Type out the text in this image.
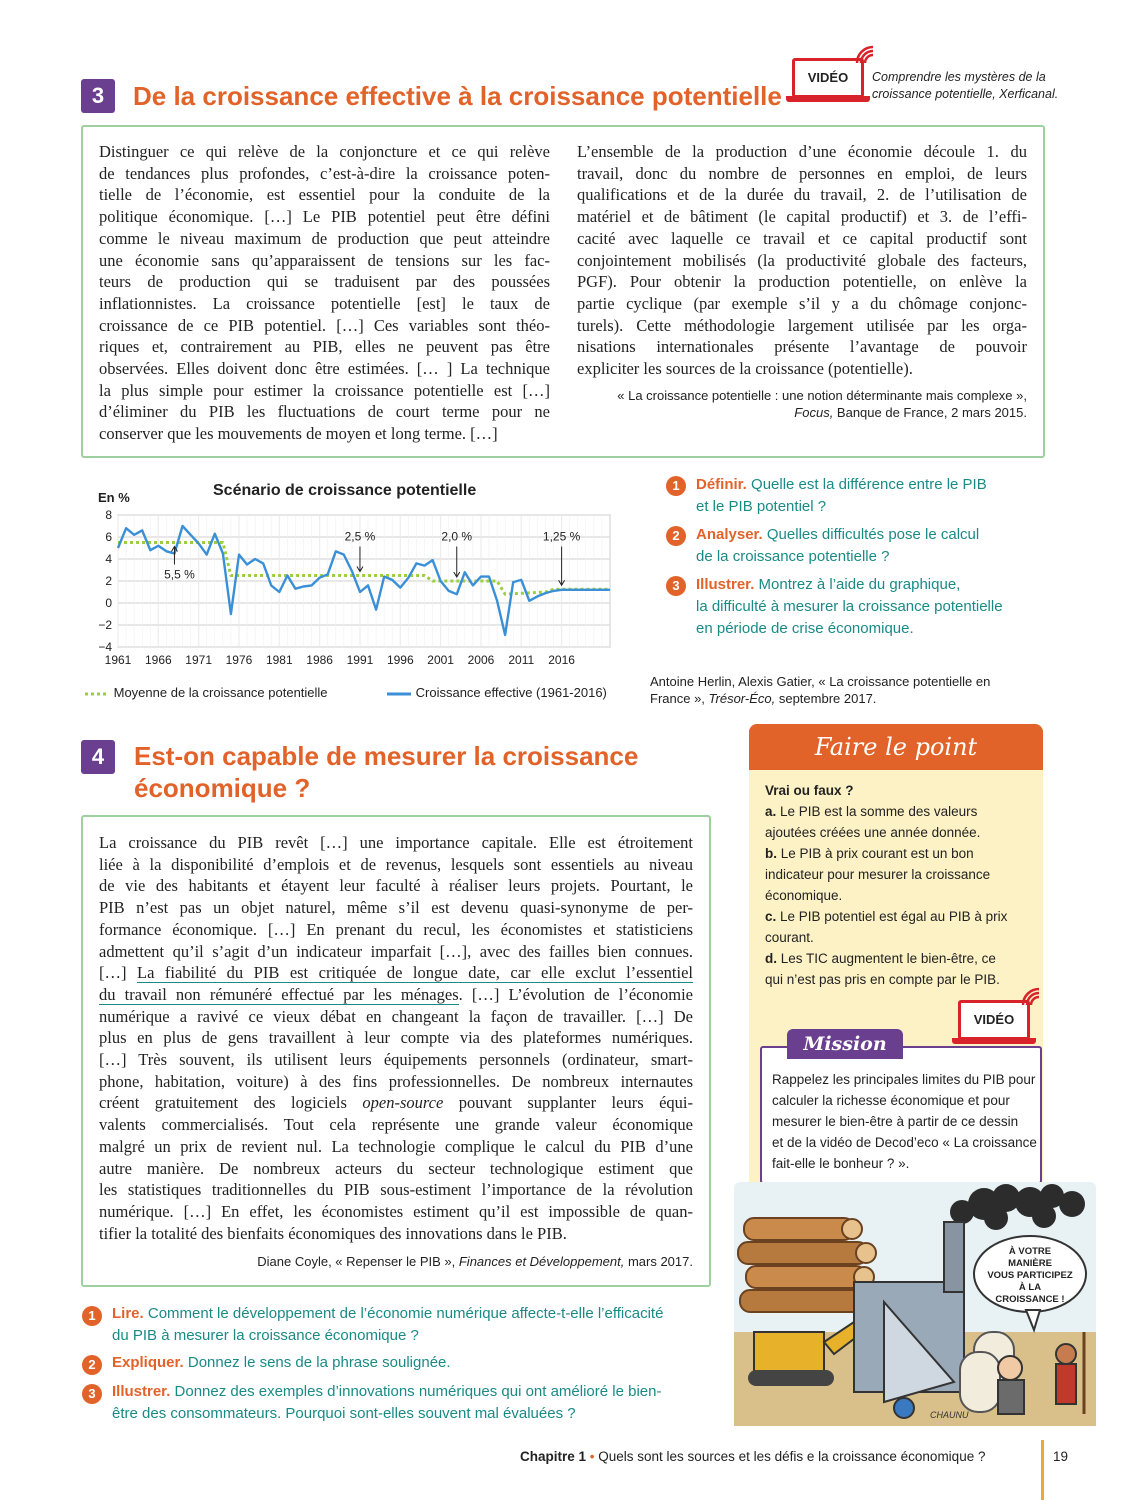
3	De la croissance effective à la croissance potentielle
VIDÉO	Comprendre les mystères de la
croissance potentielle, Xerficanal.
Distinguer ce qui relève de la conjoncture et ce qui relève
de tendances plus profondes, c’est-à-dire la croissance poten-
tielle de l’économie, est essentiel pour la conduite de la
politique économique. […] Le PIB potentiel peut être défini
comme le niveau maximum de production que peut atteindre
une économie sans qu’apparaissent de tensions sur les fac-
teurs de production qui se traduisent par des poussées
inflationnistes. La croissance potentielle [est] le taux de
croissance de ce PIB potentiel. […] Ces variables sont théo-
riques et, contrairement au PIB, elles ne peuvent pas être
observées. Elles doivent donc être estimées. [… ] La technique
la plus simple pour estimer la croissance potentielle est […]
d’éliminer du PIB les fluctuations de court terme pour ne
conserver que les mouvements de moyen et long terme. […]
L’ensemble de la production d’une économie découle 1. du
travail, donc du nombre de personnes en emploi, de leurs
qualifications et de la durée du travail, 2. de l’utilisation de
matériel et de bâtiment (le capital productif) et 3. de l’effi-
cacité avec laquelle ce travail et ce capital productif sont
conjointement mobilisés (la productivité globale des facteurs,
PGF). Pour obtenir la production potentielle, on enlève la
partie cyclique (par exemple s’il y a du chômage conjonc-
turels). Cette méthodologie largement utilisée par les orga-
nisations internationales présente l’avantage de pouvoir
expliciter les sources de la croissance (potentielle).
« La croissance potentielle : une notion déterminante mais complexe »,
Focus, Banque de France, 2 mars 2015.
Scénario de croissance potentielle
En %
8
6
4
2
0
−2
−4
1961 1966 1971 1976 1981 1986 1991 1996 2001 2006 2011 2016
5,5 %
2,5 %	2,0 %	1,25 %
Moyenne de la croissance potentielle	Croissance effective (1961-2016)
1	Définir. Quelle est la différence entre le PIB
et le PIB potentiel ?
2	Analyser. Quelles difficultés pose le calcul
de la croissance potentielle ?
3	Illustrer. Montrez à l’aide du graphique,
la difficulté à mesurer la croissance potentielle
en période de crise économique.
Antoine Herlin, Alexis Gatier, « La croissance potentielle en
France », Trésor-Éco, septembre 2017.
4	Est-on capable de mesurer la croissance
économique ?
La croissance du PIB revêt […] une importance capitale. Elle est étroitement
liée à la disponibilité d’emplois et de revenus, lesquels sont essentiels au niveau
de vie des habitants et étayent leur faculté à réaliser leurs projets. Pourtant, le
PIB n’est pas un objet naturel, même s’il est devenu quasi-synonyme de per-
formance économique. […] En prenant du recul, les économistes et statisticiens
admettent qu’il s’agit d’un indicateur imparfait […], avec des failles bien connues.
[…] La fiabilité du PIB est critiquée de longue date, car elle exclut l’essentiel
du travail non rémunéré effectué par les ménages. […] L’évolution de l’économie
numérique a ravivé ce vieux débat en changeant la façon de travailler. […] De
plus en plus de gens travaillent à leur compte via des plateformes numériques.
[…] Très souvent, ils utilisent leurs équipements personnels (ordinateur, smart-
phone, habitation, voiture) à des fins professionnelles. De nombreux internautes
créent gratuitement des logiciels open-source pouvant supplanter leurs équi-
valents commercialisés. Tout cela représente une grande valeur économique
malgré un prix de revient nul. La technologie complique le calcul du PIB d’une
autre manière. De nombreux acteurs du secteur technologique estiment que
les statistiques traditionnelles du PIB sous-estiment l’importance de la révolution
numérique. […] En effet, les économistes estiment qu’il est impossible de quan-
tifier la totalité des bienfaits économiques des innovations dans le PIB.
Diane Coyle, « Repenser le PIB », Finances et Développement, mars 2017.
1	Lire. Comment le développement de l’économie numérique affecte-t-elle l’efficacité
du PIB à mesurer la croissance économique ?
2	Expliquer. Donnez le sens de la phrase soulignée.
3	Illustrer. Donnez des exemples d’innovations numériques qui ont amélioré le bien-
être des consommateurs. Pourquoi sont-elles souvent mal évaluées ?
Faire le point
Vrai ou faux ?
a. Le PIB est la somme des valeurs
ajoutées créées une année donnée.
b. Le PIB à prix courant est un bon
indicateur pour mesurer la croissance
économique.
c. Le PIB potentiel est égal au PIB à prix
courant.
d. Les TIC augmentent le bien-être, ce
qui n’est pas pris en compte par le PIB.
VIDÉO
Mission
Rappelez les principales limites du PIB pour
calculer la richesse économique et pour
mesurer le bien-être à partir de ce dessin
et de la vidéo de Decod’eco « La croissance
fait-elle le bonheur ? ».
À VOTRE
MANIÈRE
VOUS PARTICIPEZ
À LA
CROISSANCE !
CHAUNU
Chapitre 1 • Quels sont les sources et les défis e la croissance économique ?	19
